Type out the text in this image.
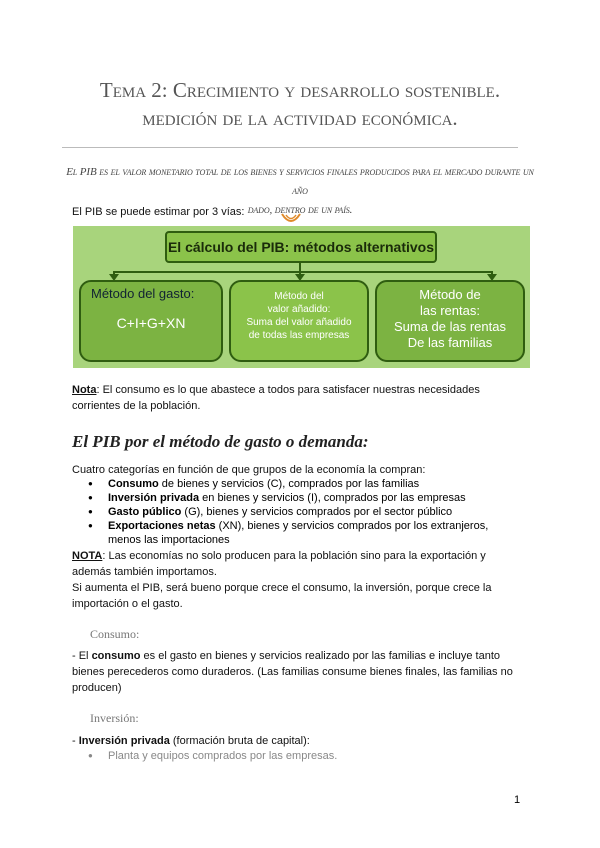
Tema 2: Crecimiento y desarrollo sostenible.
medición de la actividad económica.
El PIB es el valor monetario total de los bienes y servicios finales producidos para el mercado durante un año
dado, dentro de un país.
El PIB se puede estimar por 3 vías:
El cálculo del PIB: métodos alternativos
Método del gasto:
C+I+G+XN
Método del
valor añadido:
Suma del valor añadido
de todas las empresas
Método de
las rentas:
Suma de las rentas
De las familias
Nota: El consumo es lo que abastece a todos para satisfacer nuestras necesidades
corrientes de la población.
El PIB por el método de gasto o demanda:
Cuatro categorías en función de que grupos de la economía la compran:
● Consumo de bienes y servicios (C), comprados por las familias
● Inversión privada en bienes y servicios (I), comprados por las empresas
● Gasto público (G), bienes y servicios comprados por el sector público
● Exportaciones netas (XN), bienes y servicios comprados por los extranjeros, menos las importaciones
NOTA: Las economías no solo producen para la población sino para la exportación y
además también importamos.
Si aumenta el PIB, será bueno porque crece el consumo, la inversión, porque crece la
importación o el gasto.
Consumo:
- El consumo es el gasto en bienes y servicios realizado por las familias e incluye tanto
bienes perecederos como duraderos. (Las familias consume bienes finales, las familias no
producen)
Inversión:
- Inversión privada (formación bruta de capital):
● Planta y equipos comprados por las empresas.
1
